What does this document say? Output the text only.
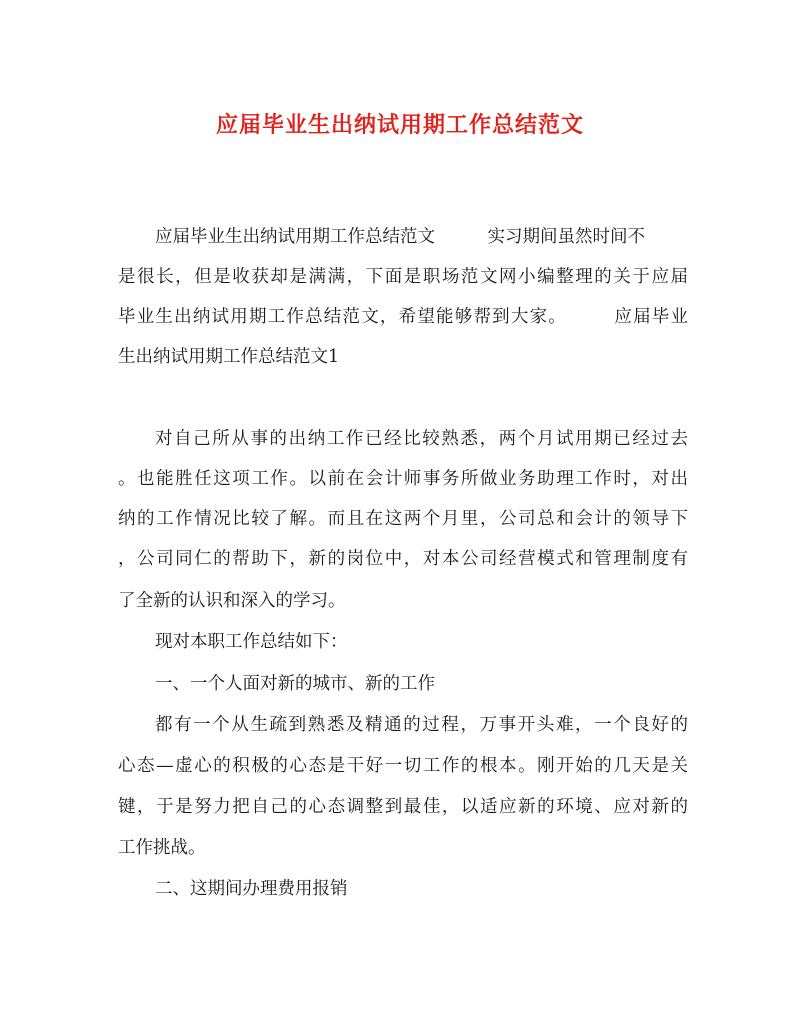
应届毕业生出纳试用期工作总结范文
应届毕业生出纳试用期工作总结范文　　　实习期间虽然时间不
是很长，但是收获却是满满，下面是职场范文网小编整理的关于应届
毕业生出纳试用期工作总结范文，希望能够帮到大家。　　　应届毕业
生出纳试用期工作总结范文1
对自己所从事的出纳工作已经比较熟悉，两个月试用期已经过去
。也能胜任这项工作。以前在会计师事务所做业务助理工作时，对出
纳的工作情况比较了解。而且在这两个月里，公司总和会计的领导下
，公司同仁的帮助下，新的岗位中，对本公司经营模式和管理制度有
了全新的认识和深入的学习。
现对本职工作总结如下：
一、一个人面对新的城市、新的工作
都有一个从生疏到熟悉及精通的过程，万事开头难，一个良好的
心态—虚心的积极的心态是干好一切工作的根本。刚开始的几天是关
键，于是努力把自己的心态调整到最佳，以适应新的环境、应对新的
工作挑战。
二、这期间办理费用报销
